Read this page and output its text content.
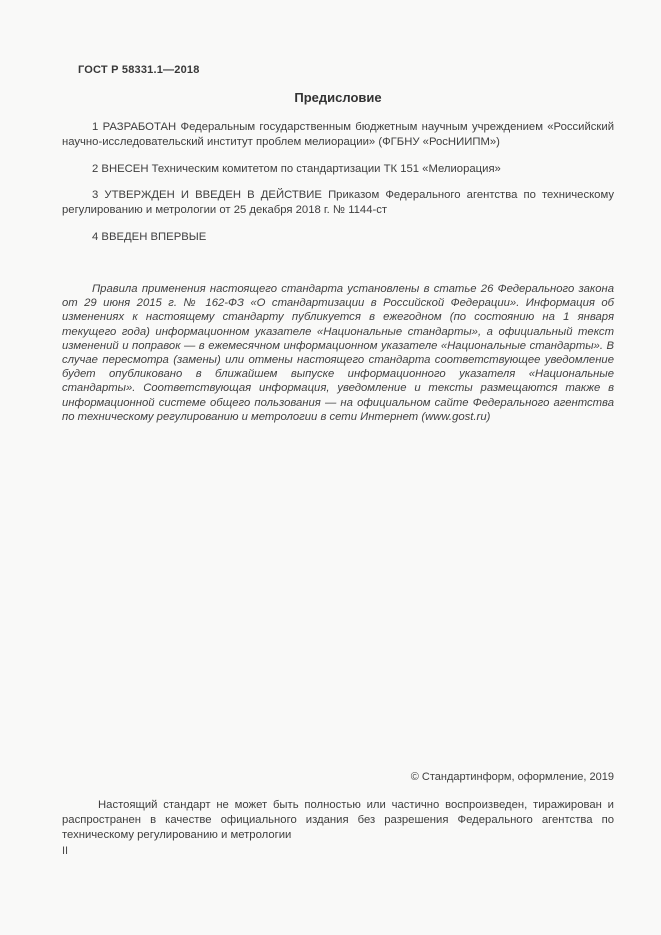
ГОСТ Р 58331.1—2018
Предисловие

1 РАЗРАБОТАН Федеральным государственным бюджетным научным учреждением «Российский научно-исследовательский институт проблем мелиорации» (ФГБНУ «РосНИИПМ»)

2 ВНЕСЕН Техническим комитетом по стандартизации ТК 151 «Мелиорация»

3 УТВЕРЖДЕН И ВВЕДЕН В ДЕЙСТВИЕ Приказом Федерального агентства по техническому регулированию и метрологии от 25 декабря 2018 г. № 1144-ст

4 ВВЕДЕН ВПЕРВЫЕ

Правила применения настоящего стандарта установлены в статье 26 Федерального закона от 29 июня 2015 г. № 162-ФЗ «О стандартизации в Российской Федерации». Информация об изменениях к настоящему стандарту публикуется в ежегодном (по состоянию на 1 января текущего года) информационном указателе «Национальные стандарты», а официальный текст изменений и поправок — в ежемесячном информационном указателе «Национальные стандарты». В случае пересмотра (замены) или отмены настоящего стандарта соответствующее уведомление будет опубликовано в ближайшем выпуске информационного указателя «Национальные стандарты». Соответствующая информация, уведомление и тексты размещаются также в информационной системе общего пользования — на официальном сайте Федерального агентства по техническому регулированию и метрологии в сети Интернет (www.gost.ru)

© Стандартинформ, оформление, 2019

Настоящий стандарт не может быть полностью или частично воспроизведен, тиражирован и распространен в качестве официального издания без разрешения Федерального агентства по техническому регулированию и метрологии

II
